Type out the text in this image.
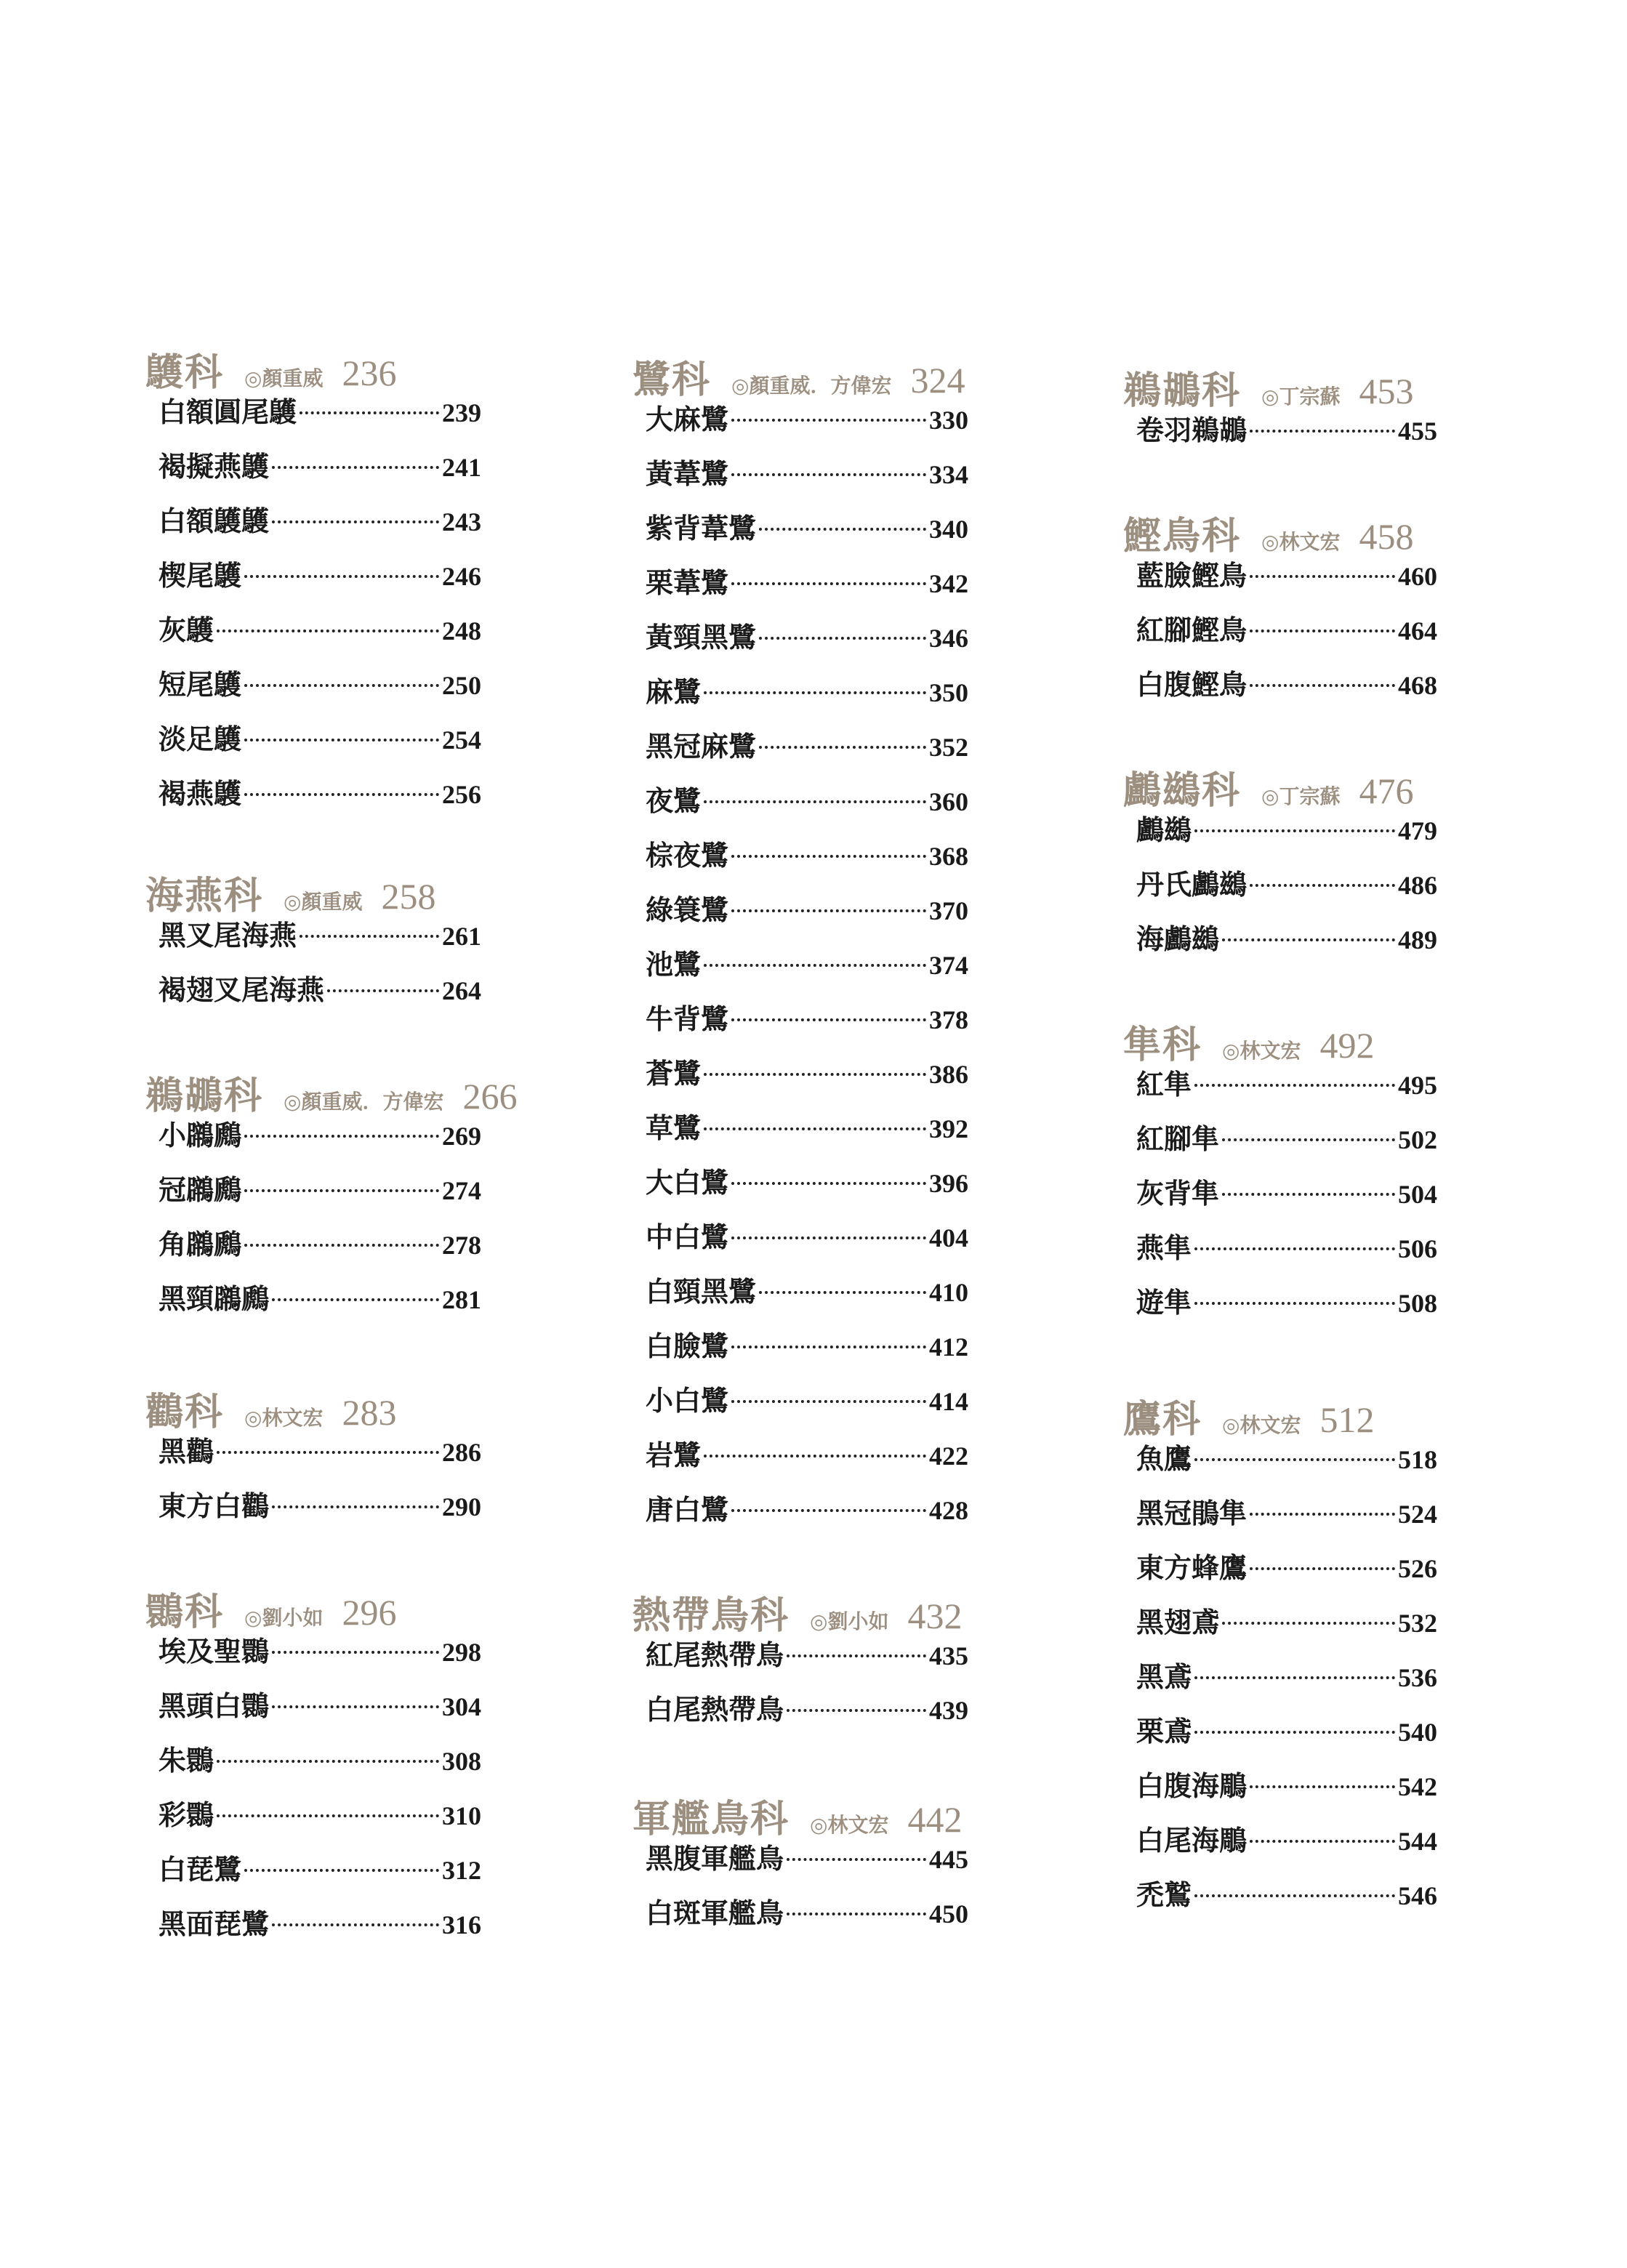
鸌科 ◎顏重威 236
白額圓尾鸌	239
褐擬燕鸌	241
白額鸌鸌	243
楔尾鸌	246
灰鸌	248
短尾鸌	250
淡足鸌	254
褐燕鸌	256
海燕科 ◎顏重威 258
黑叉尾海燕	261
褐翅叉尾海燕	264
鵜鶘科 ◎顏重威．方偉宏 266
小鸊鷉	269
冠鸊鷉	274
角鸊鷉	278
黑頸鸊鷉	281
鸛科 ◎林文宏 283
黑鸛	286
東方白鸛	290
䴉科 ◎劉小如 296
埃及聖䴉	298
黑頭白䴉	304
朱䴉	308
彩䴉	310
白琵鷺	312
黑面琵鷺	316
鷺科 ◎顏重威．方偉宏 324
大麻鷺	330
黃葦鷺	334
紫背葦鷺	340
栗葦鷺	342
黃頸黑鷺	346
麻鷺	350
黑冠麻鷺	352
夜鷺	360
棕夜鷺	368
綠簑鷺	370
池鷺	374
牛背鷺	378
蒼鷺	386
草鷺	392
大白鷺	396
中白鷺	404
白頸黑鷺	410
白臉鷺	412
小白鷺	414
岩鷺	422
唐白鷺	428
熱帶鳥科 ◎劉小如 432
紅尾熱帶鳥	435
白尾熱帶鳥	439
軍艦鳥科 ◎林文宏 442
黑腹軍艦鳥	445
白斑軍艦鳥	450
鵜鶘科 ◎丁宗蘇 453
卷羽鵜鶘	455
鰹鳥科 ◎林文宏 458
藍臉鰹鳥	460
紅腳鰹鳥	464
白腹鰹鳥	468
鸕鷀科 ◎丁宗蘇 476
鸕鷀	479
丹氏鸕鷀	486
海鸕鷀	489
隼科 ◎林文宏 492
紅隼	495
紅腳隼	502
灰背隼	504
燕隼	506
遊隼	508
鷹科 ◎林文宏 512
魚鷹	518
黑冠鵑隼	524
東方蜂鷹	526
黑翅鳶	532
黑鳶	536
栗鳶	540
白腹海鵰	542
白尾海鵰	544
禿鷲	546
